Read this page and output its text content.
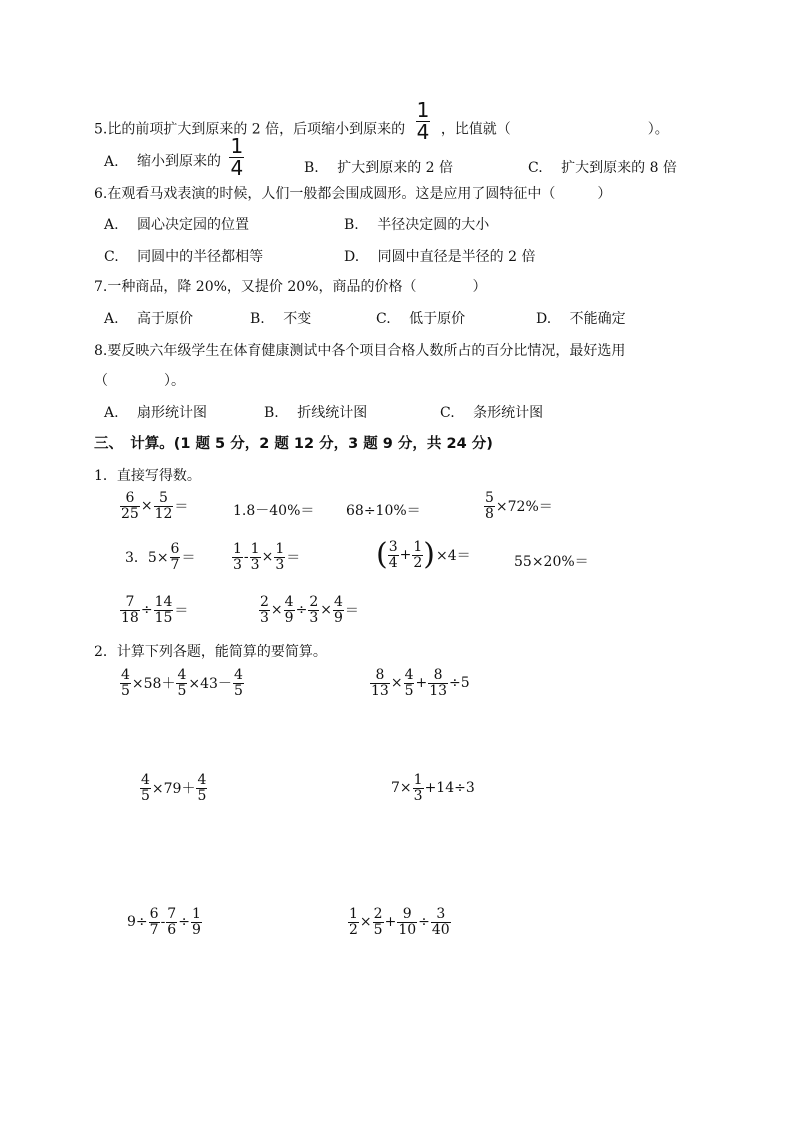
5.比的前项扩大到原来的 2 倍，后项缩小到原来的 $\frac{1}{4}$ ，比值就（	）。
A. 缩小到原来的 $\frac{1}{4}$	B. 扩大到原来的 2 倍	C. 扩大到原来的 8 倍
6.在观看马戏表演的时候，人们一般都会围成圆形。这是应用了圆特征中（　　　）
A. 圆心决定园的位置	B. 半径决定圆的大小
C. 同圆中的半径都相等	D. 同圆中直径是半径的 2 倍
7.一种商品，降 20%，又提价 20%，商品的价格（　　　　）
A. 高于原价	B. 不变	C. 低于原价	D. 不能确定
8.要反映六年级学生在体育健康测试中各个项目合格人数所占的百分比情况，最好选用
（　　　　）。
A. 扇形统计图	B. 折线统计图	C. 条形统计图
三、　计算。(1 题 5 分，2 题 12 分，3 题 9 分，共 24 分)
1．直接写得数。
$\frac{6}{25} \times \frac{5}{12}$ ＝	1.8－40%＝ 68÷10%＝	$\frac{5}{8} \times 72\%=$
3．$5\times \frac{6}{7}$ ＝	$\frac{1}{3} - \frac{1}{3} \times \frac{1}{3}$ ＝	( $\frac{3}{4} + \frac{1}{2} )\times 4=$	55×20%＝
$\frac{7}{18} \div \frac{14}{15}$ ＝	$\frac{2}{3} \times \frac{4}{9} \div \frac{2}{3} \times \frac{4}{9}$ ＝
2．计算下列各题，能简算的要简算。
$\frac{4}{5} \times 58+ \frac{4}{5} \times 43- \frac{4}{5}$	$\frac{8}{13} \times \frac{4}{5} + \frac{8}{13} \div 5$
$\frac{4}{5} \times 79+ \frac{4}{5}$	$7\times \frac{1}{3} +14\div 3$
$9\div \frac{6}{7} - \frac{7}{6} \div \frac{1}{9}$	$\frac{1}{2} \times \frac{2}{5} + \frac{9}{10} \div \frac{3}{40}$
